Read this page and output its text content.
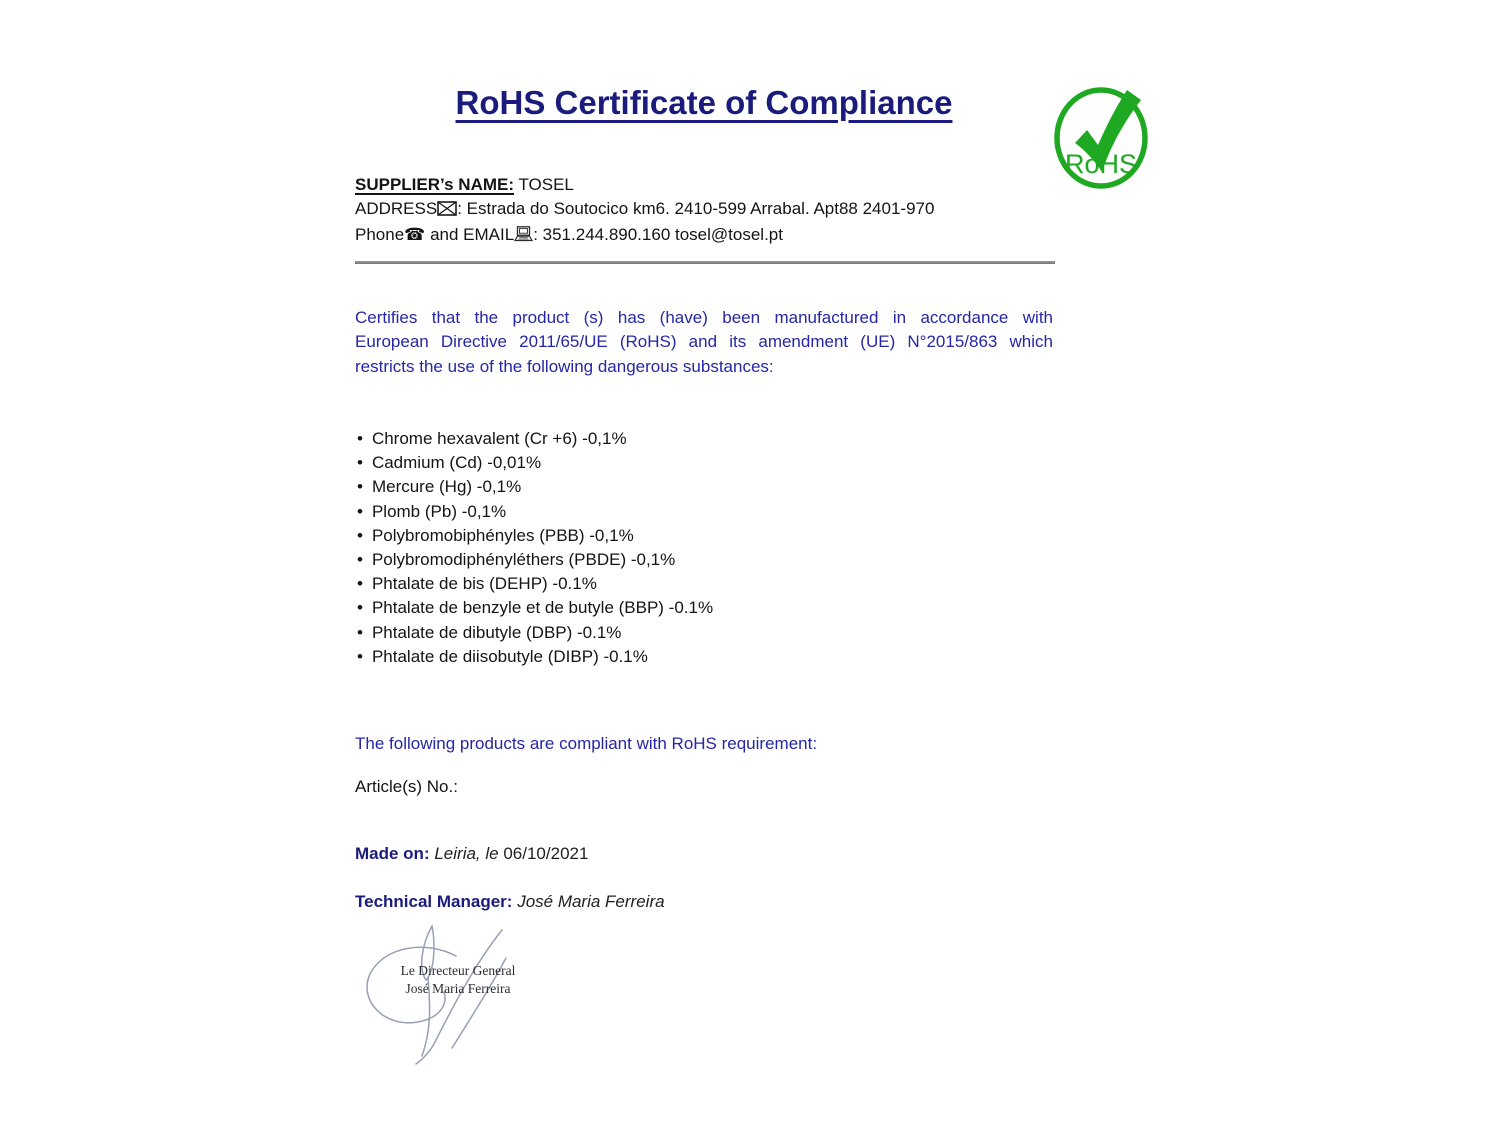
RoHS Certificate of Compliance
RoHS
SUPPLIER’s NAME: TOSEL
ADDRESS : Estrada do Soutocico km6. 2410-599 Arrabal. Apt88 2401-970
Phone☎ and EMAIL : 351.244.890.160 tosel@tosel.pt
Certifies that the product (s) has (have) been manufactured in accordance with
European Directive 2011/65/UE (RoHS) and its amendment (UE) N°2015/863 which
restricts the use of the following dangerous substances:
• Chrome hexavalent (Cr +6) -0,1%
• Cadmium (Cd) -0,01%
• Mercure (Hg) -0,1%
• Plomb (Pb) -0,1%
• Polybromobiphényles (PBB) -0,1%
• Polybromodiphényléthers (PBDE) -0,1%
• Phtalate de bis (DEHP) -0.1%
• Phtalate de benzyle et de butyle (BBP) -0.1%
• Phtalate de dibutyle (DBP) -0.1%
• Phtalate de diisobutyle (DIBP) -0.1%
The following products are compliant with RoHS requirement:
Article(s) No.:
Made on: Leiria, le 06/10/2021
Technical Manager: José Maria Ferreira
Le Directeur General
José Maria Ferreira
